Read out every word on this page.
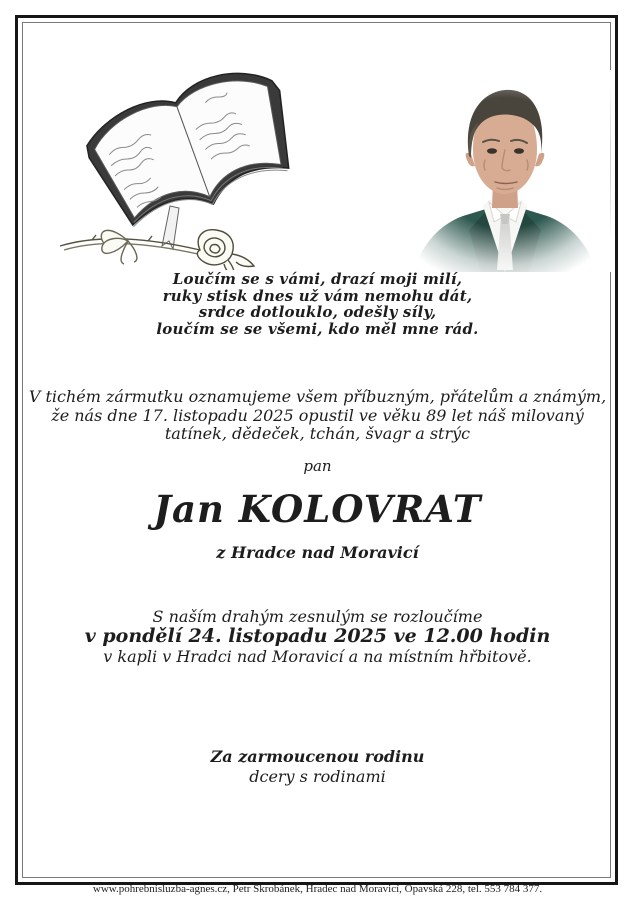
Loučím se s vámi, drazí moji milí,
ruky stisk dnes už vám nemohu dát,
srdce dotlouklo, odešly síly,
loučím se se všemi, kdo měl mne rád.
V tichém zármutku oznamujeme všem příbuzným, přátelům a známým,
že nás dne 17. listopadu 2025 opustil ve věku 89 let náš milovaný
tatínek, dědeček, tchán, švagr a strýc
pan
Jan KOLOVRAT
z Hradce nad Moravicí
S naším drahým zesnulým se rozloučíme
v pondělí 24. listopadu 2025 ve 12.00 hodin
v kapli v Hradci nad Moravicí a na místním hřbitově.
Za zarmoucenou rodinu
dcery s rodinami
www.pohrebnisluzba-agnes.cz, Petr Škrobánek, Hradec nad Moravicí, Opavská 228, tel. 553 784 377.
